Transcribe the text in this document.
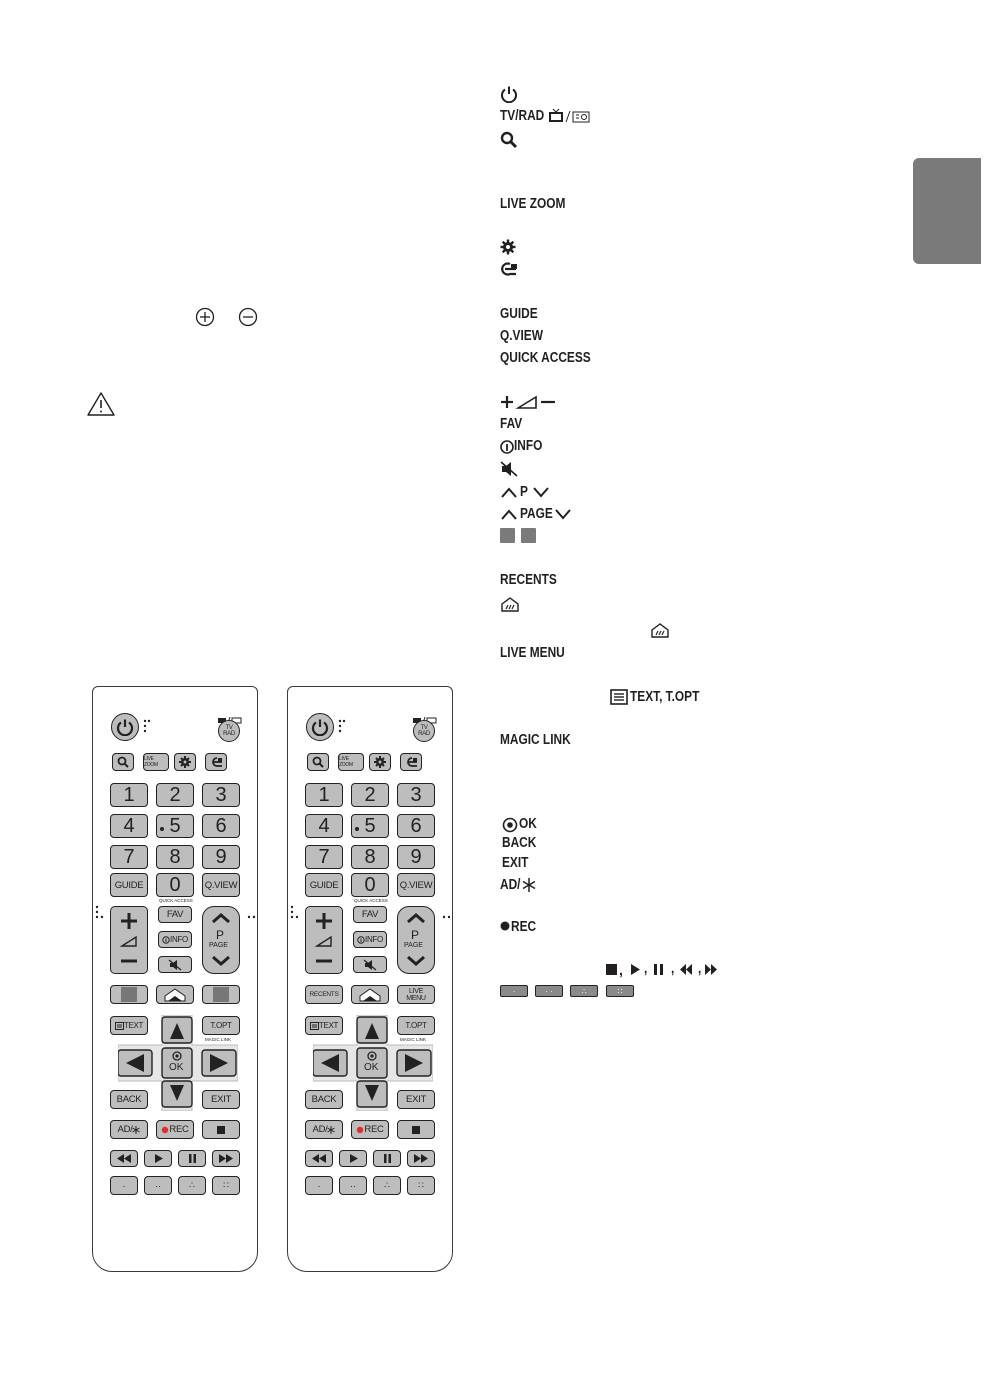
TV/RAD
LIVE ZOOM
GUIDE
Q.VIEW
QUICK ACCESS
FAV
INFO
P
PAGE
RECENTS
LIVE MENU
TEXT, T.OPT
MAGIC LINK
OK
BACK
EXIT
AD/
REC
, , , ,
·	· ·	∴	∷
TV
RAD
LIVE ZOOM
1	2	3
4	5	6
7	8	9
GUIDE	0	Q.VIEW
QUICK ACCESS
FAV
INFO P
PAGE
TEXT	T.OPT
MAGIC LINK
OK
BACK	EXIT
AD/	REC
·	··	∴	∷
TV
RAD
LIVE ZOOM
1	2	3
4	5	6
7	8	9
GUIDE	0	Q.VIEW
QUICK ACCESS
FAV
INFO P
PAGE
RECENTS	LIVE
MENU
TEXT	T.OPT
MAGIC LINK
OK
BACK	EXIT
AD/	REC
·	··	∴	∷
